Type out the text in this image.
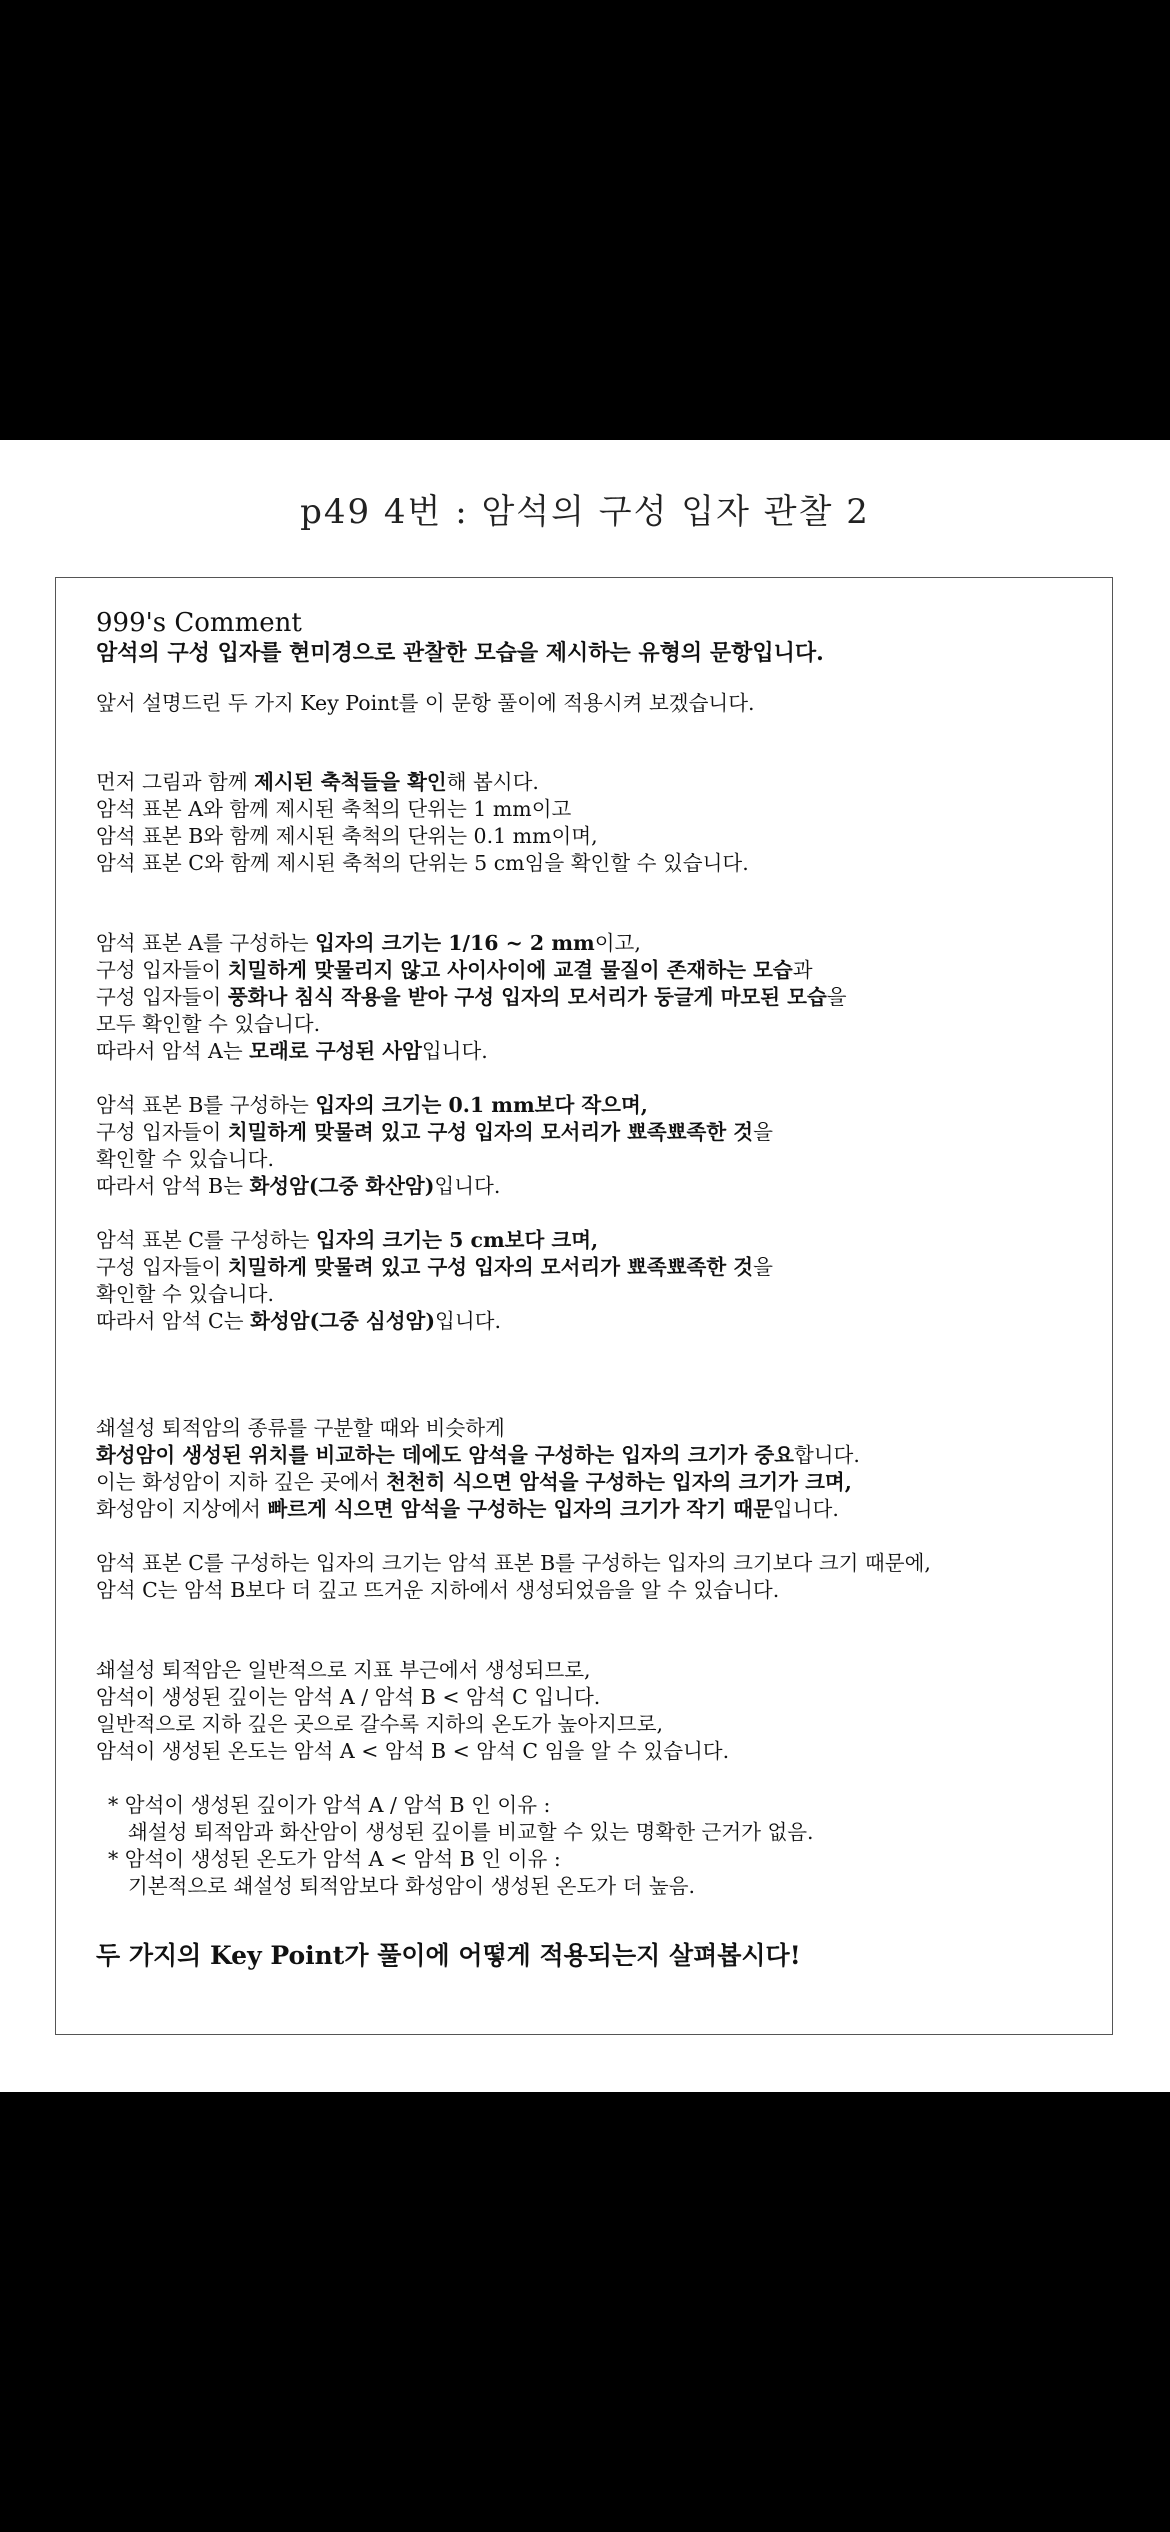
p49 4번 : 암석의 구성 입자 관찰 2

999's Comment

암석의 구성 입자를 현미경으로 관찰한 모습을 제시하는 유형의 문항입니다.

앞서 설명드린 두 가지 Key Point를 이 문항 풀이에 적용시켜 보겠습니다.

먼저 그림과 함께 제시된 축척들을 확인해 봅시다.

암석 표본 A와 함께 제시된 축척의 단위는 1 mm이고

암석 표본 B와 함께 제시된 축척의 단위는 0.1 mm이며,

암석 표본 C와 함께 제시된 축척의 단위는 5 cm임을 확인할 수 있습니다.

암석 표본 A를 구성하는 입자의 크기는 1/16 ~ 2 mm이고,

구성 입자들이 치밀하게 맞물리지 않고 사이사이에 교결 물질이 존재하는 모습과

구성 입자들이 풍화나 침식 작용을 받아 구성 입자의 모서리가 둥글게 마모된 모습을

모두 확인할 수 있습니다.

따라서 암석 A는 모래로 구성된 사암입니다.

암석 표본 B를 구성하는 입자의 크기는 0.1 mm보다 작으며,

구성 입자들이 치밀하게 맞물려 있고 구성 입자의 모서리가 뾰족뾰족한 것을

확인할 수 있습니다.

따라서 암석 B는 화성암(그중 화산암)입니다.

암석 표본 C를 구성하는 입자의 크기는 5 cm보다 크며,

구성 입자들이 치밀하게 맞물려 있고 구성 입자의 모서리가 뾰족뾰족한 것을

확인할 수 있습니다.

따라서 암석 C는 화성암(그중 심성암)입니다.

쇄설성 퇴적암의 종류를 구분할 때와 비슷하게

화성암이 생성된 위치를 비교하는 데에도 암석을 구성하는 입자의 크기가 중요합니다.

이는 화성암이 지하 깊은 곳에서 천천히 식으면 암석을 구성하는 입자의 크기가 크며,

화성암이 지상에서 빠르게 식으면 암석을 구성하는 입자의 크기가 작기 때문입니다.

암석 표본 C를 구성하는 입자의 크기는 암석 표본 B를 구성하는 입자의 크기보다 크기 때문에,

암석 C는 암석 B보다 더 깊고 뜨거운 지하에서 생성되었음을 알 수 있습니다.

쇄설성 퇴적암은 일반적으로 지표 부근에서 생성되므로,

암석이 생성된 깊이는 암석 A / 암석 B < 암석 C 입니다.

일반적으로 지하 깊은 곳으로 갈수록 지하의 온도가 높아지므로,

암석이 생성된 온도는 암석 A < 암석 B < 암석 C 임을 알 수 있습니다.

* 암석이 생성된 깊이가 암석 A / 암석 B 인 이유 :

쇄설성 퇴적암과 화산암이 생성된 깊이를 비교할 수 있는 명확한 근거가 없음.

* 암석이 생성된 온도가 암석 A < 암석 B 인 이유 :

기본적으로 쇄설성 퇴적암보다 화성암이 생성된 온도가 더 높음.

두 가지의 Key Point가 풀이에 어떻게 적용되는지 살펴봅시다!
